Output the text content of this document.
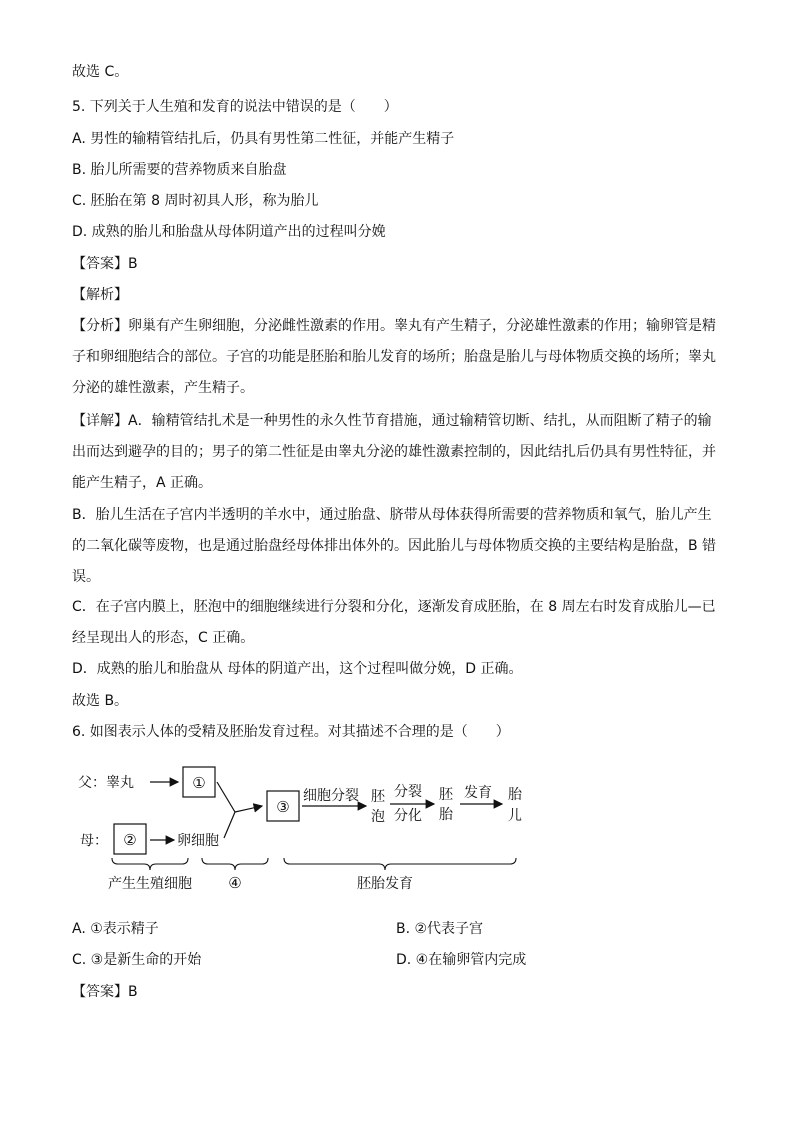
故选 C。
5. 下列关于人生殖和发育的说法中错误的是（　　）
A. 男性的输精管结扎后，仍具有男性第二性征，并能产生精子
B. 胎儿所需要的营养物质来自胎盘
C. 胚胎在第 8 周时初具人形，称为胎儿
D. 成熟的胎儿和胎盘从母体阴道产出的过程叫分娩
【答案】B
【解析】
【分析】卵巢有产生卵细胞，分泌雌性激素的作用。睾丸有产生精子，分泌雄性激素的作用；输卵管是精
子和卵细胞结合的部位。子宫的功能是胚胎和胎儿发育的场所；胎盘是胎儿与母体物质交换的场所；睾丸
分泌的雄性激素，产生精子。
【详解】A．输精管结扎术是一种男性的永久性节育措施，通过输精管切断、结扎，从而阻断了精子的输
出而达到避孕的目的；男子的第二性征是由睾丸分泌的雄性激素控制的，因此结扎后仍具有男性特征，并
能产生精子，A 正确。
B．胎儿生活在子宫内半透明的羊水中，通过胎盘、脐带从母体获得所需要的营养物质和氧气，胎儿产生
的二氧化碳等废物，也是通过胎盘经母体排出体外的。因此胎儿与母体物质交换的主要结构是胎盘，B 错
误。
C．在子宫内膜上，胚泡中的细胞继续进行分裂和分化，逐渐发育成胚胎，在 8 周左右时发育成胎儿—已
经呈现出人的形态，C 正确。
D．成熟的胎儿和胎盘从 母体的阴道产出，这个过程叫做分娩，D 正确。
故选 B。
6. 如图表示人体的受精及胚胎发育过程。对其描述不合理的是（　　）
父：睾丸	①
母： ②	卵细胞
③
细胞分裂 胚
泡
分裂
分化
胚
胎
发育 胎
儿
产生生殖细胞 ④	胚胎发育
A. ①表示精子	B. ②代表子宫
C. ③是新生命的开始	D. ④在输卵管内完成
【答案】B
